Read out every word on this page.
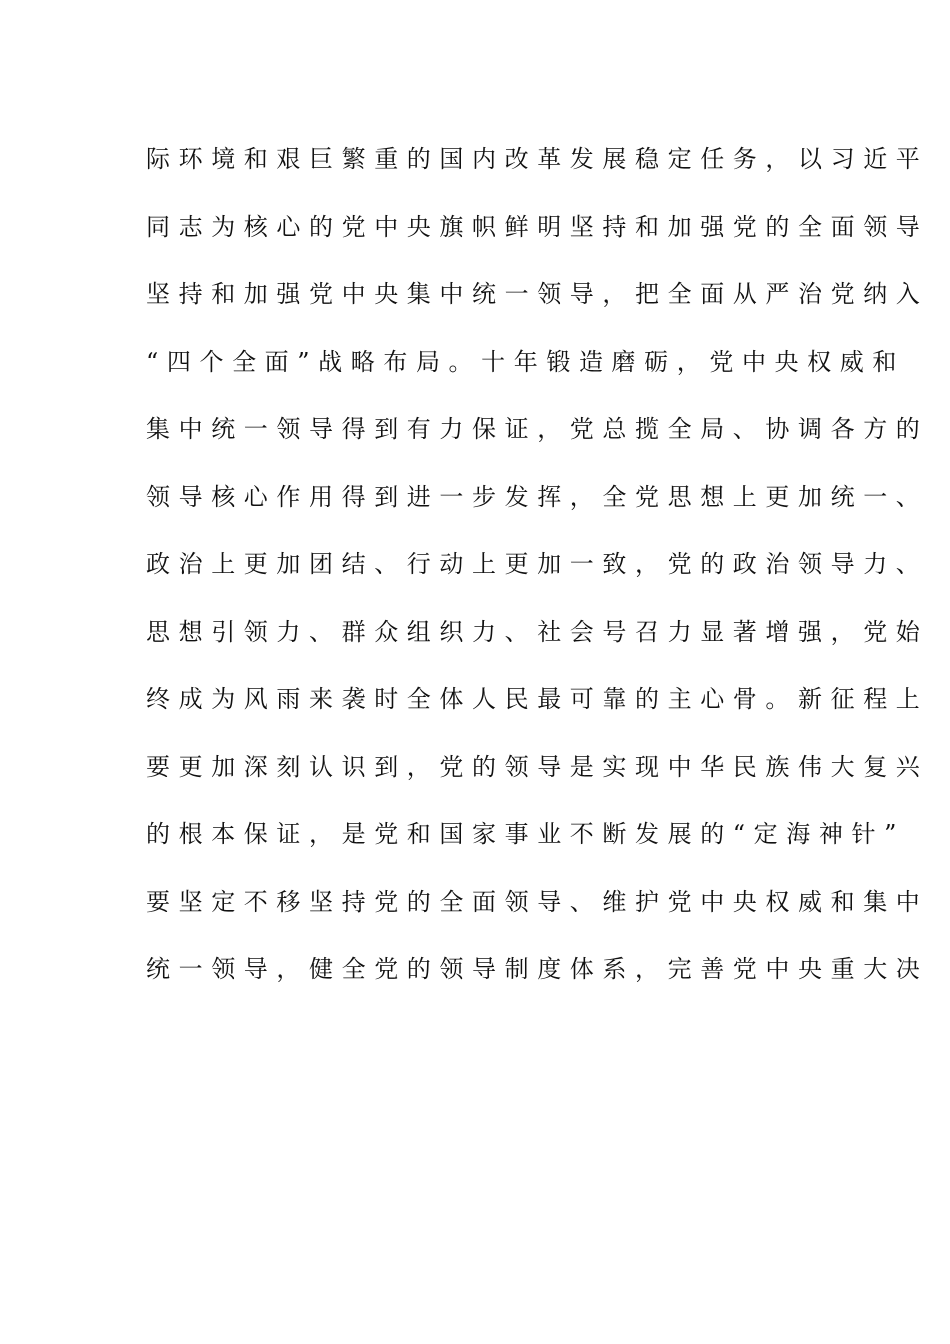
际环境和艰巨繁重的国内改革发展稳定任务，以习近平
同志为核心的党中央旗帜鲜明坚持和加强党的全面领导
坚持和加强党中央集中统一领导，把全面从严治党纳入
“四个全面”战略布局。十年锻造磨砺，党中央权威和
集中统一领导得到有力保证，党总揽全局、协调各方的
领导核心作用得到进一步发挥，全党思想上更加统一、
政治上更加团结、行动上更加一致，党的政治领导力、
思想引领力、群众组织力、社会号召力显著增强，党始
终成为风雨来袭时全体人民最可靠的主心骨。新征程上
要更加深刻认识到，党的领导是实现中华民族伟大复兴
的根本保证，是党和国家事业不断发展的“定海神针”
要坚定不移坚持党的全面领导、维护党中央权威和集中
统一领导，健全党的领导制度体系，完善党中央重大决
